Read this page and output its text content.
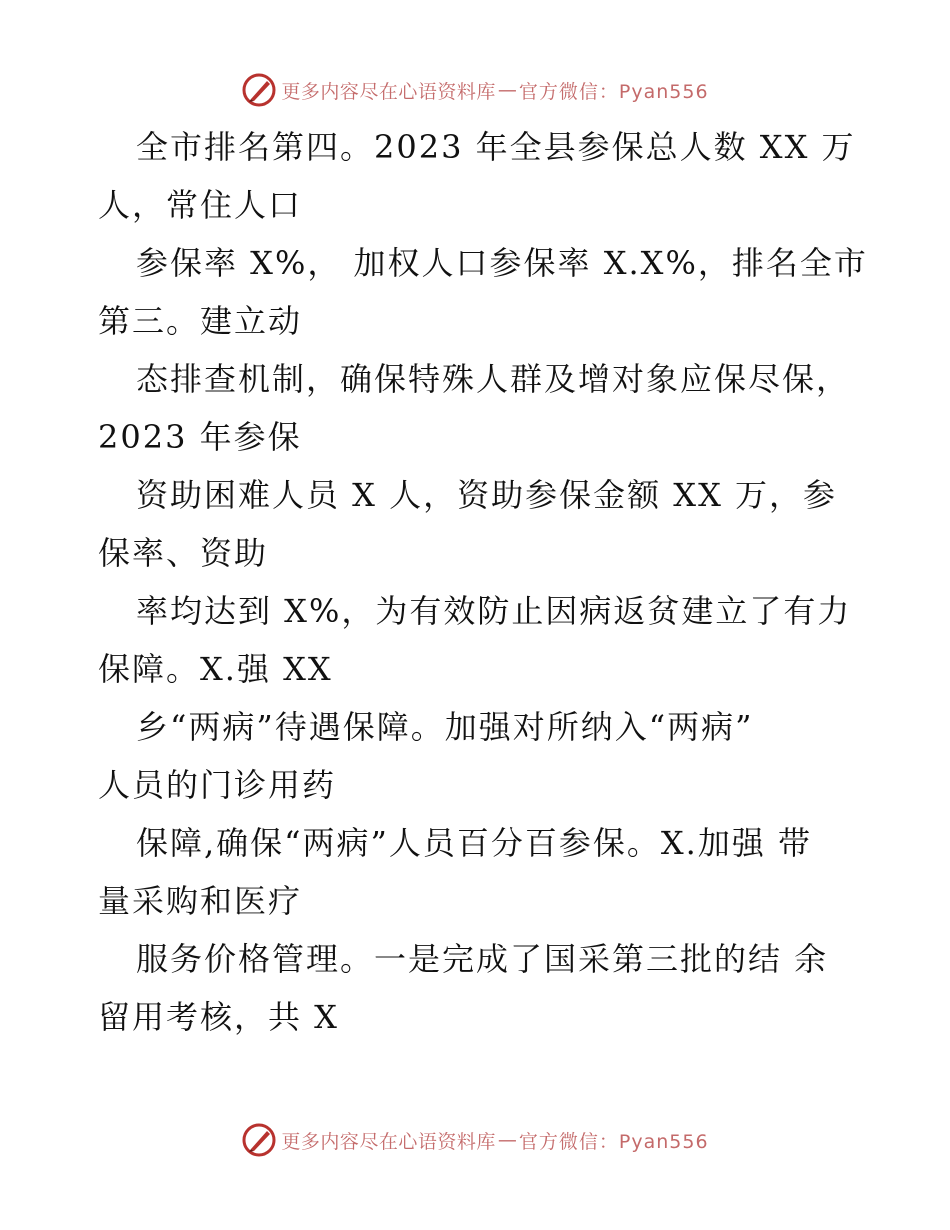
更多内容尽在心语资料库 — 官方微信：Pyan556
全市排名第四。2023 年全县参保总人数 XX 万
人，常住人口
参保率 X%， 加权人口参保率 X.X%，排名全市
第三。建立动
态排查机制，确保特殊人群及增对象应保尽保，
2023 年参保
资助困难人员 X 人，资助参保金额 XX 万，参
保率、资助
率均达到 X%，为有效防止因病返贫建立了有力
保障。X.强 XX
乡“两病”待遇保障。加强对所纳入“两病”
人员的门诊用药
保障,确保“两病”人员百分百参保。X.加强 带
量采购和医疗
服务价格管理。一是完成了国采第三批的结 余
留用考核，共 X
更多内容尽在心语资料库 — 官方微信：Pyan556
